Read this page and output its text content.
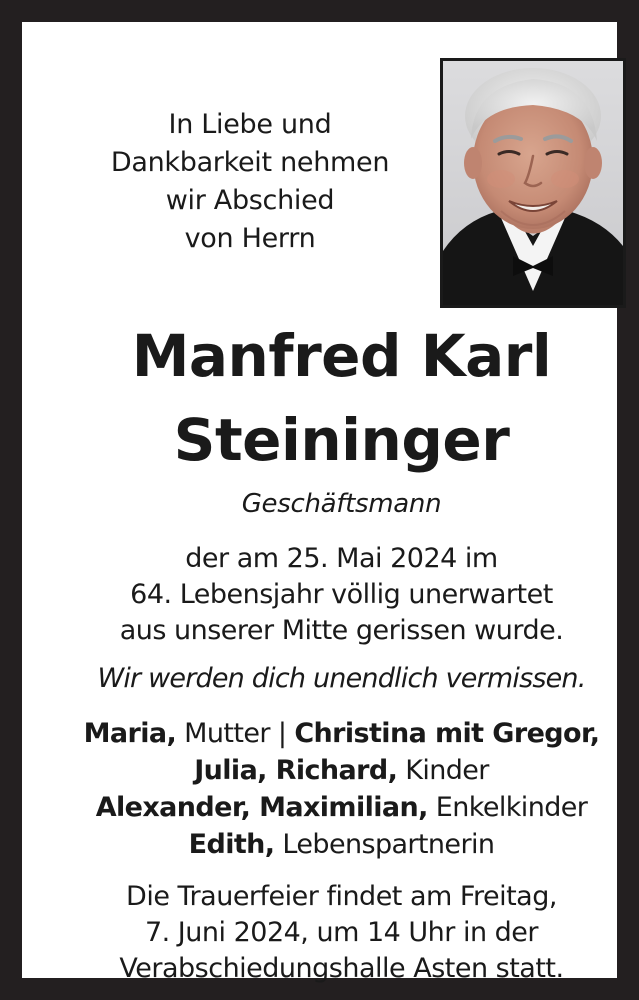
In Liebe und
Dankbarkeit nehmen
wir Abschied
von Herrn
Manfred Karl
Steininger
Geschäftsmann
der am 25. Mai 2024 im
64. Lebensjahr völlig unerwartet
aus unserer Mitte gerissen wurde.
Wir werden dich unendlich vermissen.
Maria, Mutter | Christina mit Gregor,
Julia, Richard, Kinder
Alexander, Maximilian, Enkelkinder
Edith, Lebenspartnerin
Die Trauerfeier findet am Freitag,
7. Juni 2024, um 14 Uhr in der
Verabschiedungshalle Asten statt.
